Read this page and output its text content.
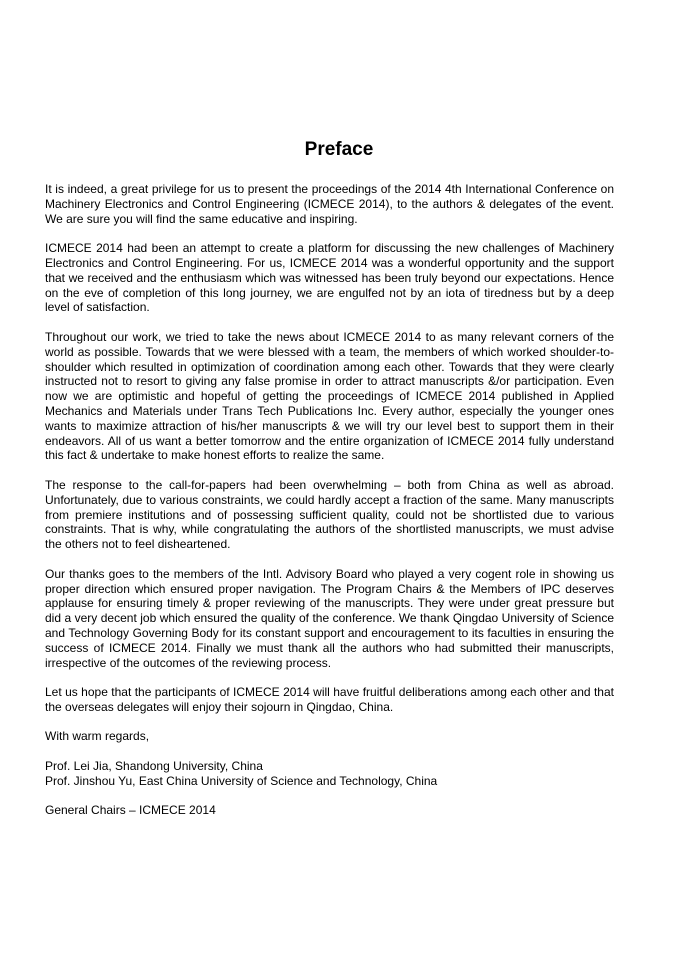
Preface

It is indeed, a great privilege for us to present the proceedings of the 2014 4th International Conference on Machinery Electronics and Control Engineering (ICMECE 2014), to the authors & delegates of the event. We are sure you will find the same educative and inspiring.

ICMECE 2014 had been an attempt to create a platform for discussing the new challenges of Machinery Electronics and Control Engineering. For us, ICMECE 2014 was a wonderful opportunity and the support that we received and the enthusiasm which was witnessed has been truly beyond our expectations. Hence on the eve of completion of this long journey, we are engulfed not by an iota of tiredness but by a deep level of satisfaction.

Throughout our work, we tried to take the news about ICMECE 2014 to as many relevant corners of the world as possible. Towards that we were blessed with a team, the members of which worked shoulder-to-shoulder which resulted in optimization of coordination among each other. Towards that they were clearly instructed not to resort to giving any false promise in order to attract manuscripts &/or participation. Even now we are optimistic and hopeful of getting the proceedings of ICMECE 2014 published in Applied Mechanics and Materials under Trans Tech Publications Inc. Every author, especially the younger ones wants to maximize attraction of his/her manuscripts & we will try our level best to support them in their endeavors. All of us want a better tomorrow and the entire organization of ICMECE 2014 fully understand this fact & undertake to make honest efforts to realize the same.

The response to the call-for-papers had been overwhelming – both from China as well as abroad. Unfortunately, due to various constraints, we could hardly accept a fraction of the same. Many manuscripts from premiere institutions and of possessing sufficient quality, could not be shortlisted due to various constraints. That is why, while congratulating the authors of the shortlisted manuscripts, we must advise the others not to feel disheartened.

Our thanks goes to the members of the Intl. Advisory Board who played a very cogent role in showing us proper direction which ensured proper navigation. The Program Chairs & the Members of IPC deserves applause for ensuring timely & proper reviewing of the manuscripts. They were under great pressure but did a very decent job which ensured the quality of the conference. We thank Qingdao University of Science and Technology Governing Body for its constant support and encouragement to its faculties in ensuring the success of ICMECE 2014. Finally we must thank all the authors who had submitted their manuscripts, irrespective of the outcomes of the reviewing process.

Let us hope that the participants of ICMECE 2014 will have fruitful deliberations among each other and that the overseas delegates will enjoy their sojourn in Qingdao, China.

With warm regards,

Prof. Lei Jia, Shandong University, China
Prof. Jinshou Yu, East China University of Science and Technology, China

General Chairs – ICMECE 2014
